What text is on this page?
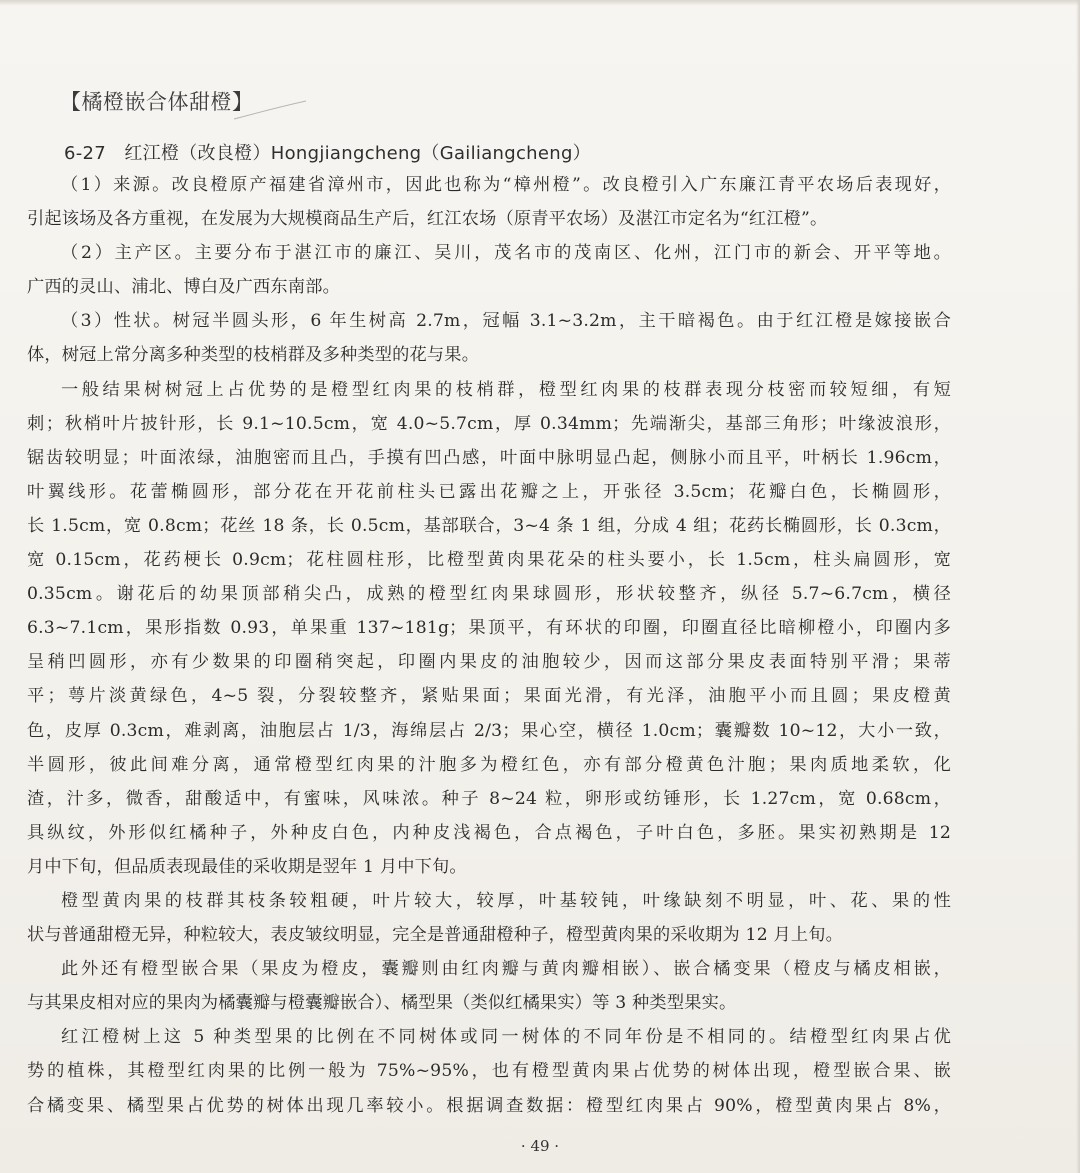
【橘橙嵌合体甜橙】
6-27　红江橙（改良橙）Hongjiangcheng（Gailiangcheng）
（1）来源。改良橙原产福建省漳州市，因此也称为“樟州橙”。改良橙引入广东廉江青平农场后表现好，
引起该场及各方重视，在发展为大规模商品生产后，红江农场（原青平农场）及湛江市定名为“红江橙”。
（2）主产区。主要分布于湛江市的廉江、吴川，茂名市的茂南区、化州，江门市的新会、开平等地。
广西的灵山、浦北、博白及广西东南部。
（3）性状。树冠半圆头形，6 年生树高 2.7m，冠幅 3.1~3.2m，主干暗褐色。由于红江橙是嫁接嵌合
体，树冠上常分离多种类型的枝梢群及多种类型的花与果。
一般结果树树冠上占优势的是橙型红肉果的枝梢群，橙型红肉果的枝群表现分枝密而较短细，有短
刺；秋梢叶片披针形，长 9.1~10.5cm，宽 4.0~5.7cm，厚 0.34mm；先端渐尖，基部三角形；叶缘波浪形，
锯齿较明显；叶面浓绿，油胞密而且凸，手摸有凹凸感，叶面中脉明显凸起，侧脉小而且平，叶柄长 1.96cm，
叶翼线形。花蕾椭圆形，部分花在开花前柱头已露出花瓣之上，开张径 3.5cm；花瓣白色，长椭圆形，
长 1.5cm，宽 0.8cm；花丝 18 条，长 0.5cm，基部联合，3~4 条 1 组，分成 4 组；花药长椭圆形，长 0.3cm，
宽 0.15cm，花药梗长 0.9cm；花柱圆柱形，比橙型黄肉果花朵的柱头要小，长 1.5cm，柱头扁圆形，宽
0.35cm。谢花后的幼果顶部稍尖凸，成熟的橙型红肉果球圆形，形状较整齐，纵径 5.7~6.7cm，横径
6.3~7.1cm，果形指数 0.93，单果重 137~181g；果顶平，有环状的印圈，印圈直径比暗柳橙小，印圈内多
呈稍凹圆形，亦有少数果的印圈稍突起，印圈内果皮的油胞较少，因而这部分果皮表面特别平滑；果蒂
平；萼片淡黄绿色，4~5 裂，分裂较整齐，紧贴果面；果面光滑，有光泽，油胞平小而且圆；果皮橙黄
色，皮厚 0.3cm，难剥离，油胞层占 1/3，海绵层占 2/3；果心空，横径 1.0cm；囊瓣数 10~12，大小一致，
半圆形，彼此间难分离，通常橙型红肉果的汁胞多为橙红色，亦有部分橙黄色汁胞；果肉质地柔软，化
渣，汁多，微香，甜酸适中，有蜜味，风味浓。种子 8~24 粒，卵形或纺锤形，长 1.27cm，宽 0.68cm，
具纵纹，外形似红橘种子，外种皮白色，内种皮浅褐色，合点褐色，子叶白色，多胚。果实初熟期是 12
月中下旬，但品质表现最佳的采收期是翌年 1 月中下旬。
橙型黄肉果的枝群其枝条较粗硬，叶片较大，较厚，叶基较钝，叶缘缺刻不明显，叶、花、果的性
状与普通甜橙无异，种粒较大，表皮皱纹明显，完全是普通甜橙种子，橙型黄肉果的采收期为 12 月上旬。
此外还有橙型嵌合果（果皮为橙皮，囊瓣则由红肉瓣与黄肉瓣相嵌）、嵌合橘变果（橙皮与橘皮相嵌，
与其果皮相对应的果肉为橘囊瓣与橙囊瓣嵌合）、橘型果（类似红橘果实）等 3 种类型果实。
红江橙树上这 5 种类型果的比例在不同树体或同一树体的不同年份是不相同的。结橙型红肉果占优
势的植株，其橙型红肉果的比例一般为 75%~95%，也有橙型黄肉果占优势的树体出现，橙型嵌合果、嵌
合橘变果、橘型果占优势的树体出现几率较小。根据调查数据：橙型红肉果占 90%，橙型黄肉果占 8%，
· 49 ·
